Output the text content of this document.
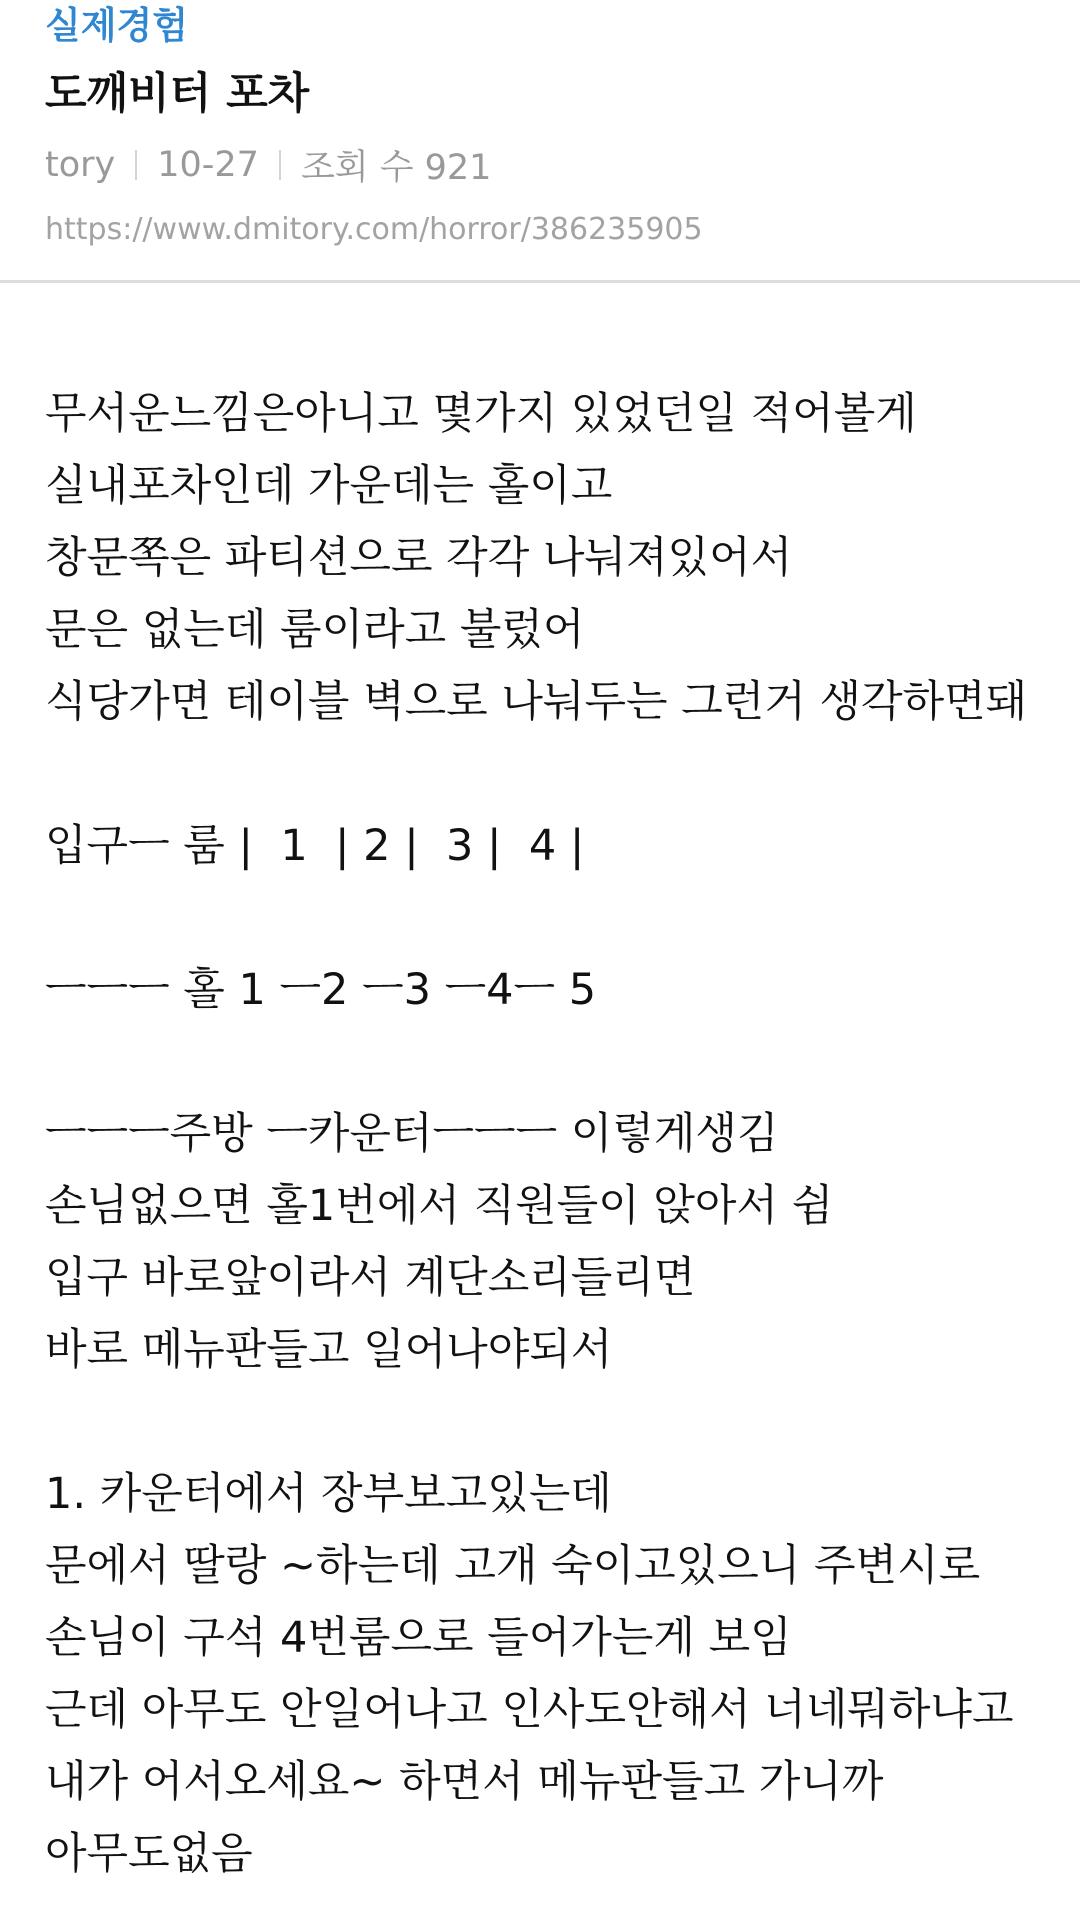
실제경험
도깨비터 포차
tory 10-27 조회 수 921
https://www.dmitory.com/horror/386235905
무서운느낌은아니고 몇가지 있었던일 적어볼게
실내포차인데 가운데는 홀이고
창문쪽은 파티션으로 각각 나눠져있어서
문은 없는데 룸이라고 불렀어
식당가면 테이블 벽으로 나눠두는 그런거 생각하면돼
입구ㅡ 룸 |  1  | 2 |  3 |  4 |
ㅡㅡㅡ 홀 1 ㅡ2 ㅡ3 ㅡ4ㅡ 5
ㅡㅡㅡ주방 ㅡ카운터ㅡㅡㅡ 이렇게생김
손님없으면 홀1번에서 직원들이 앉아서 쉼
입구 바로앞이라서 계단소리들리면
바로 메뉴판들고 일어나야되서
1. 카운터에서 장부보고있는데
문에서 딸랑 ~하는데 고개 숙이고있으니 주변시로
손님이 구석 4번룸으로 들어가는게 보임
근데 아무도 안일어나고 인사도안해서 너네뭐하냐고
내가 어서오세요~ 하면서 메뉴판들고 가니까
아무도없음
